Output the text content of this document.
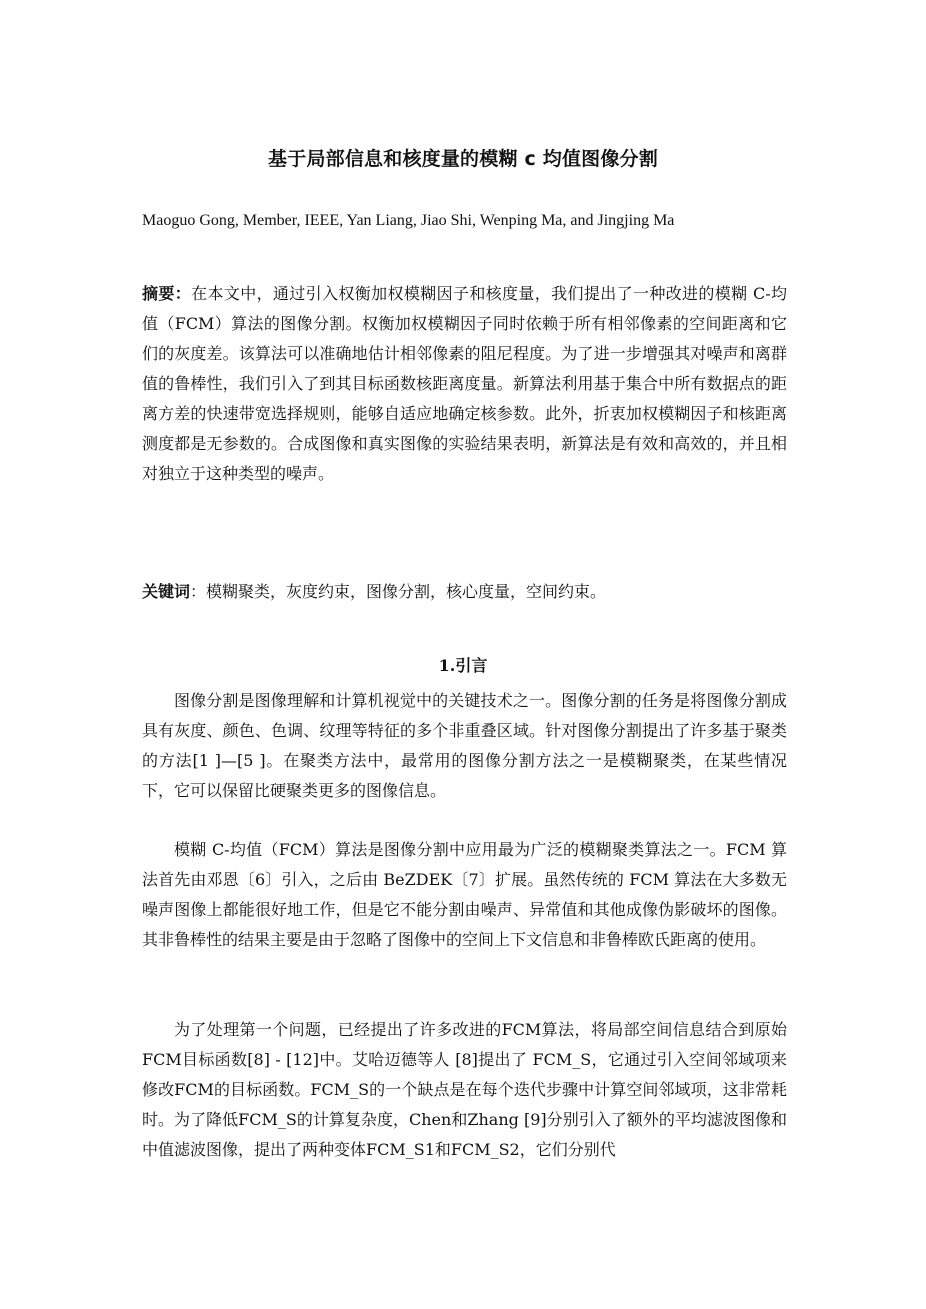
基于局部信息和核度量的模糊 c 均值图像分割
Maoguo Gong, Member, IEEE, Yan Liang, Jiao Shi, Wenping Ma, and Jingjing Ma
摘要：在本文中，通过引入权衡加权模糊因子和核度量，我们提出了一种改进的模糊 C-均值（FCM）算法的图像分割。权衡加权模糊因子同时依赖于所有相邻像素的空间距离和它们的灰度差。该算法可以准确地估计相邻像素的阻尼程度。为了进一步增强其对噪声和离群值的鲁棒性，我们引入了到其目标函数核距离度量。新算法利用基于集合中所有数据点的距离方差的快速带宽选择规则，能够自适应地确定核参数。此外，折衷加权模糊因子和核距离测度都是无参数的。合成图像和真实图像的实验结果表明，新算法是有效和高效的，并且相对独立于这种类型的噪声。
关键词：模糊聚类，灰度约束，图像分割，核心度量，空间约束。
1.引言
图像分割是图像理解和计算机视觉中的关键技术之一。图像分割的任务是将图像分割成具有灰度、颜色、色调、纹理等特征的多个非重叠区域。针对图像分割提出了许多基于聚类的方法[1 ]—[5 ]。在聚类方法中，最常用的图像分割方法之一是模糊聚类，在某些情况下，它可以保留比硬聚类更多的图像信息。
模糊 C-均值（FCM）算法是图像分割中应用最为广泛的模糊聚类算法之一。FCM 算法首先由邓恩〔6〕引入，之后由 BeZDEK〔7〕扩展。虽然传统的 FCM 算法在大多数无噪声图像上都能很好地工作，但是它不能分割由噪声、异常值和其他成像伪影破坏的图像。其非鲁棒性的结果主要是由于忽略了图像中的空间上下文信息和非鲁棒欧氏距离的使用。
为了处理第一个问题，已经提出了许多改进的FCM算法，将局部空间信息结合到原始FCM目标函数[8] - [12]中。艾哈迈德等人 [8]提出了 FCM_S，它通过引入空间邻域项来修改FCM的目标函数。FCM_S的一个缺点是在每个迭代步骤中计算空间邻域项，这非常耗时。为了降低FCM_S的计算复杂度，Chen和Zhang [9]分别引入了额外的平均滤波图像和中值滤波图像，提出了两种变体FCM_S1和FCM_S2，它们分别代
